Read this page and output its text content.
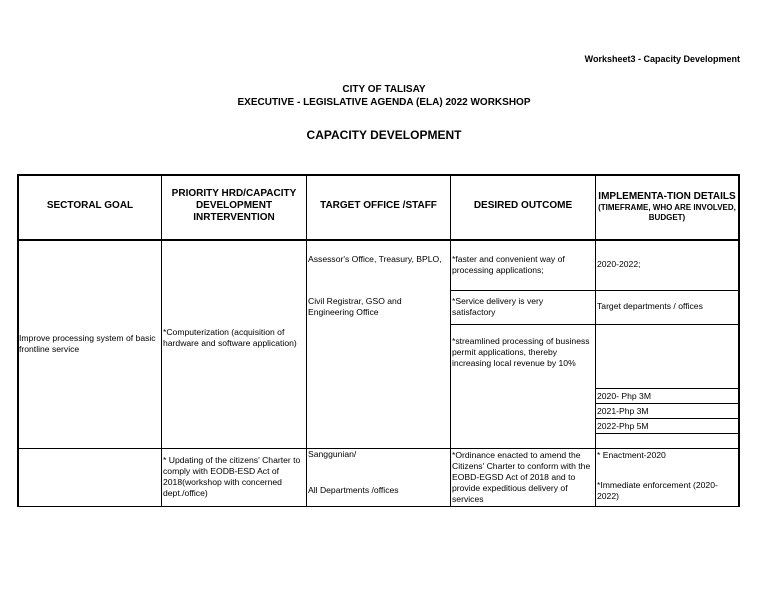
Worksheet3 - Capacity Development
CITY OF TALISAY
EXECUTIVE - LEGISLATIVE AGENDA (ELA) 2022 WORKSHOP
CAPACITY DEVELOPMENT
SECTORAL GOAL
PRIORITY HRD/CAPACITY DEVELOPMENT INRTERVENTION
TARGET OFFICE /STAFF	DESIRED OUTCOME
IMPLEMENTA-TION DETAILS
(TIMEFRAME, WHO ARE INVOLVED, BUDGET)
Improve processing system of basic frontline service
*Computerization (acquisition of hardware and software application)
Assessor's Office, Treasury, BPLO,
Civil Registrar, GSO and Engineering Office
*faster and convenient way of processing applications;
*Service delivery is very satisfactory
*streamlined processing of business permit applications, thereby increasing local revenue by 10%
2020-2022;
Target departments / offices
2020- Php 3M
2021-Php 3M
2022-Php 5M
* Updating of the citizens' Charter to comply with EODB-ESD Act of 2018(workshop with concerned dept./office)
Sanggunian/
All Departments /offices
*Ordinance enacted to amend the Citizens' Charter to conform with the EOBD-EGSD Act of 2018 and to provide expeditious delivery of services
* Enactment-2020
*Immediate enforcement (2020-2022)
